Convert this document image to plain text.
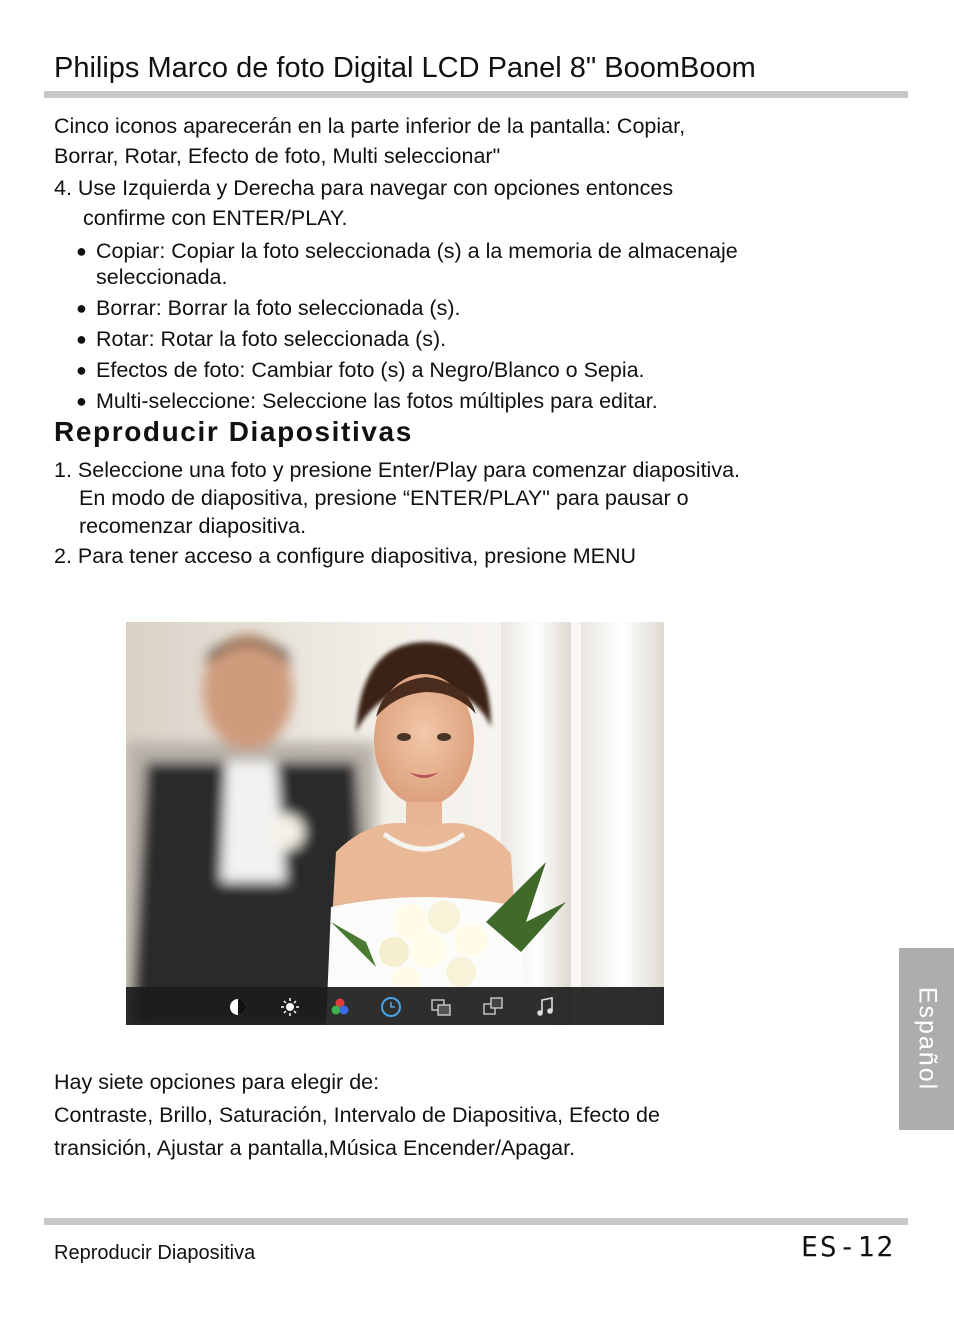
Philips Marco de foto Digital LCD Panel 8" BoomBoom
Cinco iconos aparecerán en la parte inferior de la pantalla: Copiar,
Borrar, Rotar, Efecto de foto, Multi seleccionar"
4. Use Izquierda y Derecha para navegar con opciones entonces
confirme con ENTER/PLAY.
● Copiar: Copiar la foto seleccionada (s) a la memoria de almacenaje
seleccionada.
● Borrar: Borrar la foto seleccionada (s).
● Rotar: Rotar la foto seleccionada (s).
● Efectos de foto: Cambiar foto (s) a Negro/Blanco o Sepia.
● Multi-seleccione: Seleccione las fotos múltiples para editar.
Reproducir Diapositivas
1. Seleccione una foto y presione Enter/Play para comenzar diapositiva.
En modo de diapositiva, presione “ENTER/PLAY" para pausar o
recomenzar diapositiva.
2. Para tener acceso a configure diapositiva, presione MENU
Español
Hay siete opciones para elegir de:
Contraste, Brillo, Saturación, Intervalo de Diapositiva, Efecto de
transición, Ajustar a pantalla,Música Encender/Apagar.
Reproducir Diapositiva	ES-12
